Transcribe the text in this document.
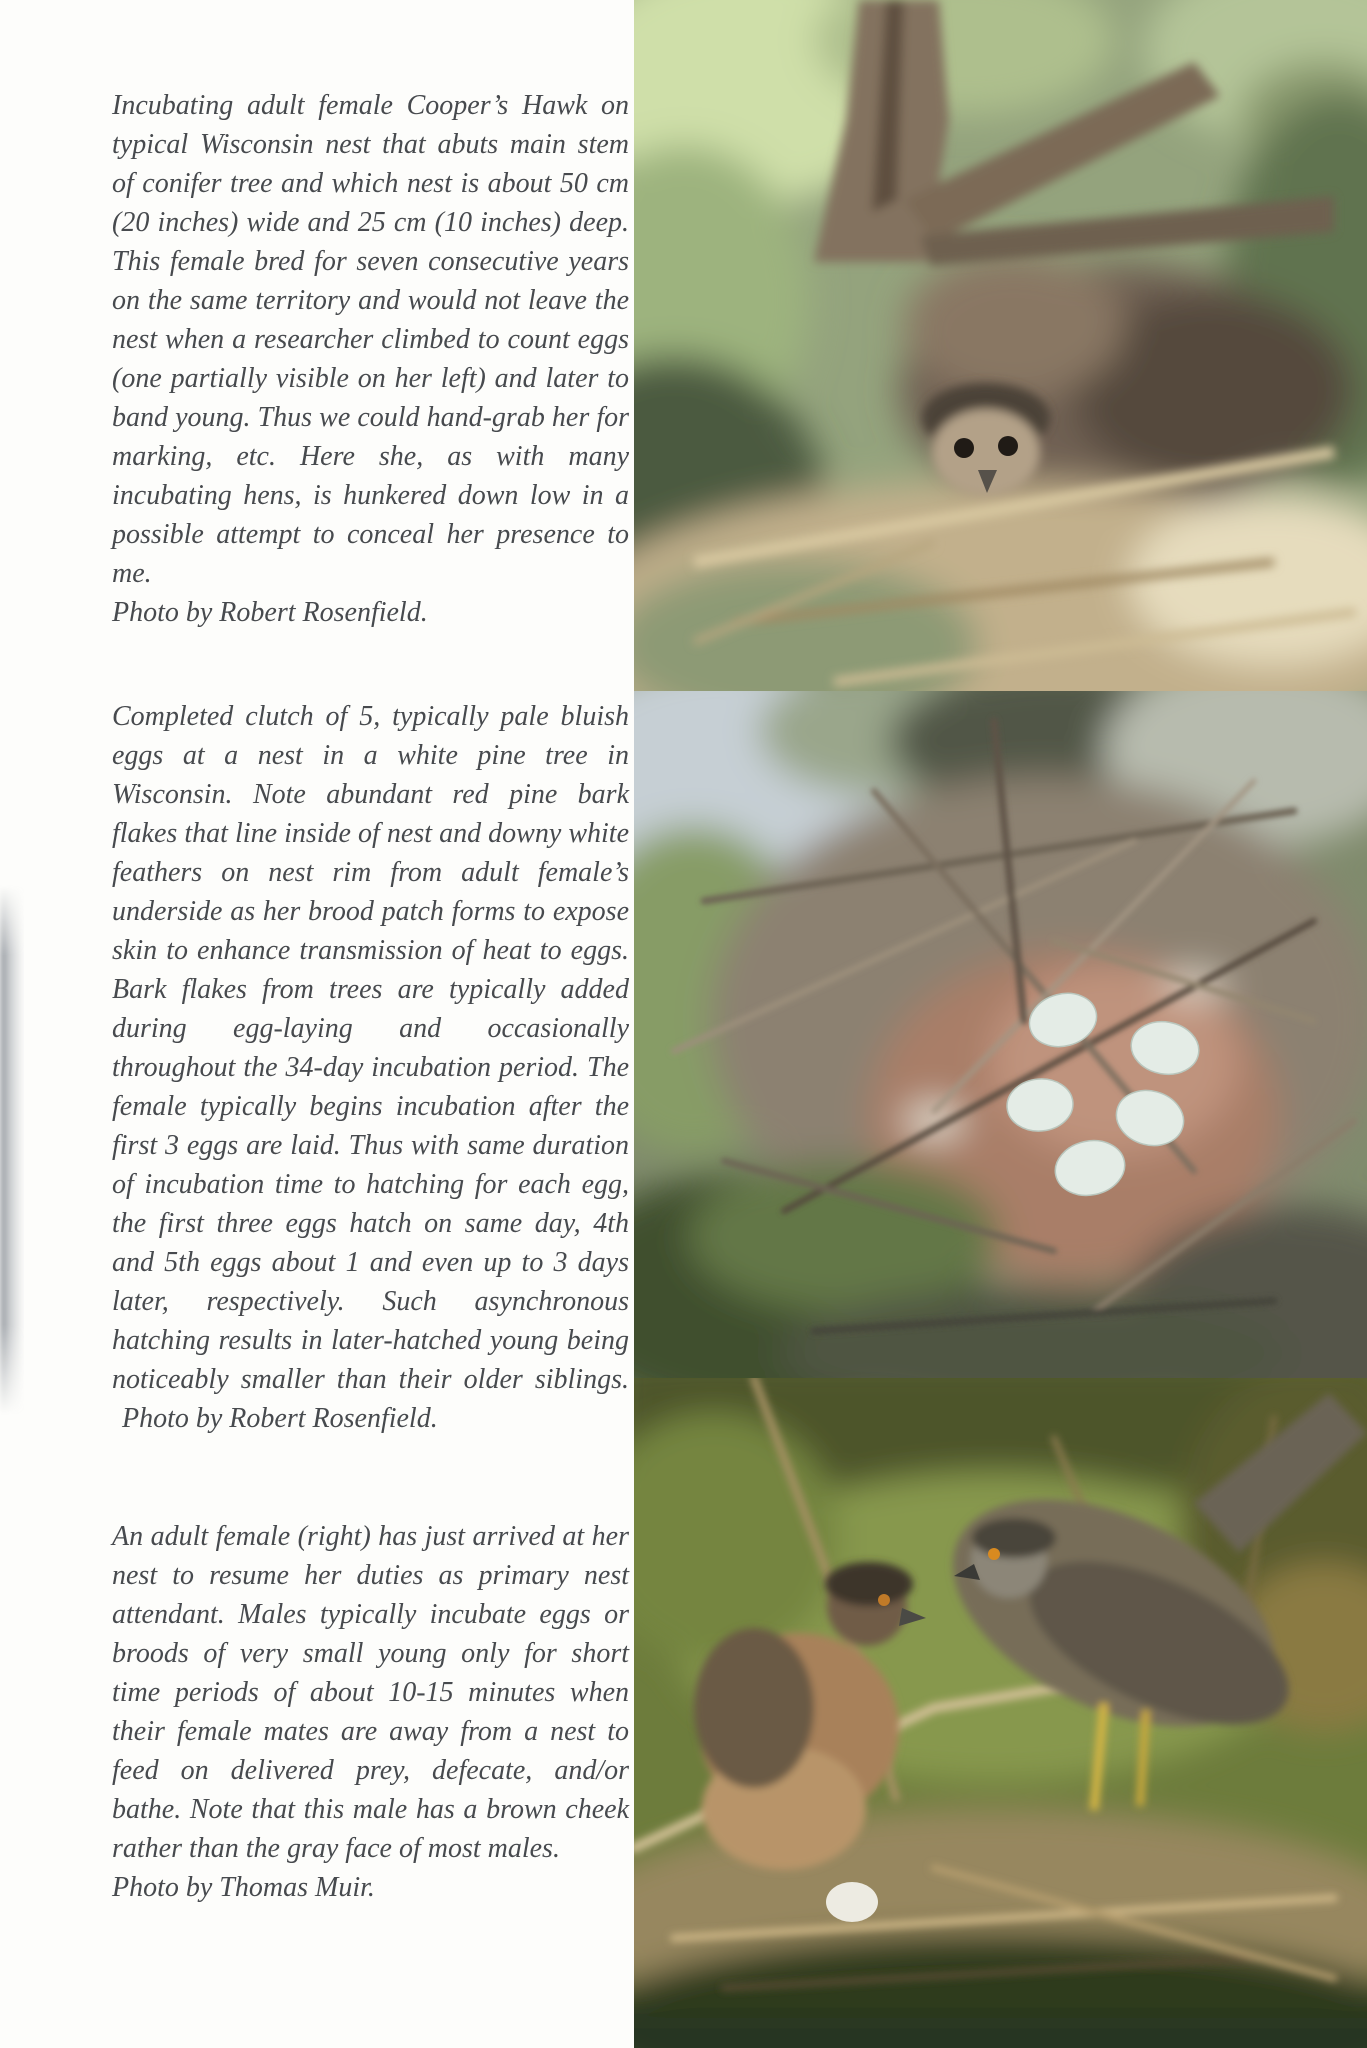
Incubating adult female Cooper’s Hawk on typical Wisconsin nest that abuts main stem of conifer tree and which nest is about 50 cm (20 inches) wide and 25 cm (10 inches) deep. This female bred for seven consecutive years on the same territory and would not leave the nest when a researcher climbed to count eggs (one partially visible on her left) and later to band young. Thus we could hand-grab her for marking, etc. Here she, as with many incubating hens, is hunkered down low in a possible attempt to conceal her presence to me.
Photo by Robert Rosenfield.

Completed clutch of 5, typically pale bluish eggs at a nest in a white pine tree in Wisconsin. Note abundant red pine bark flakes that line inside of nest and downy white feathers on nest rim from adult female’s underside as her brood patch forms to expose skin to enhance transmission of heat to eggs. Bark flakes from trees are typically added during egg-laying and occasionally throughout the 34-day incubation period. The female typically begins incubation after the first 3 eggs are laid. Thus with same duration of incubation time to hatching for each egg, the first three eggs hatch on same day, 4th and 5th eggs about 1 and even up to 3 days later, respectively. Such asynchronous hatching results in later-hatched young being noticeably smaller than their older siblings. Photo by Robert Rosenfield.

An adult female (right) has just arrived at her nest to resume her duties as primary nest attendant. Males typically incubate eggs or broods of very small young only for short time periods of about 10-15 minutes when their female mates are away from a nest to feed on delivered prey, defecate, and/or bathe. Note that this male has a brown cheek rather than the gray face of most males.
Photo by Thomas Muir.
